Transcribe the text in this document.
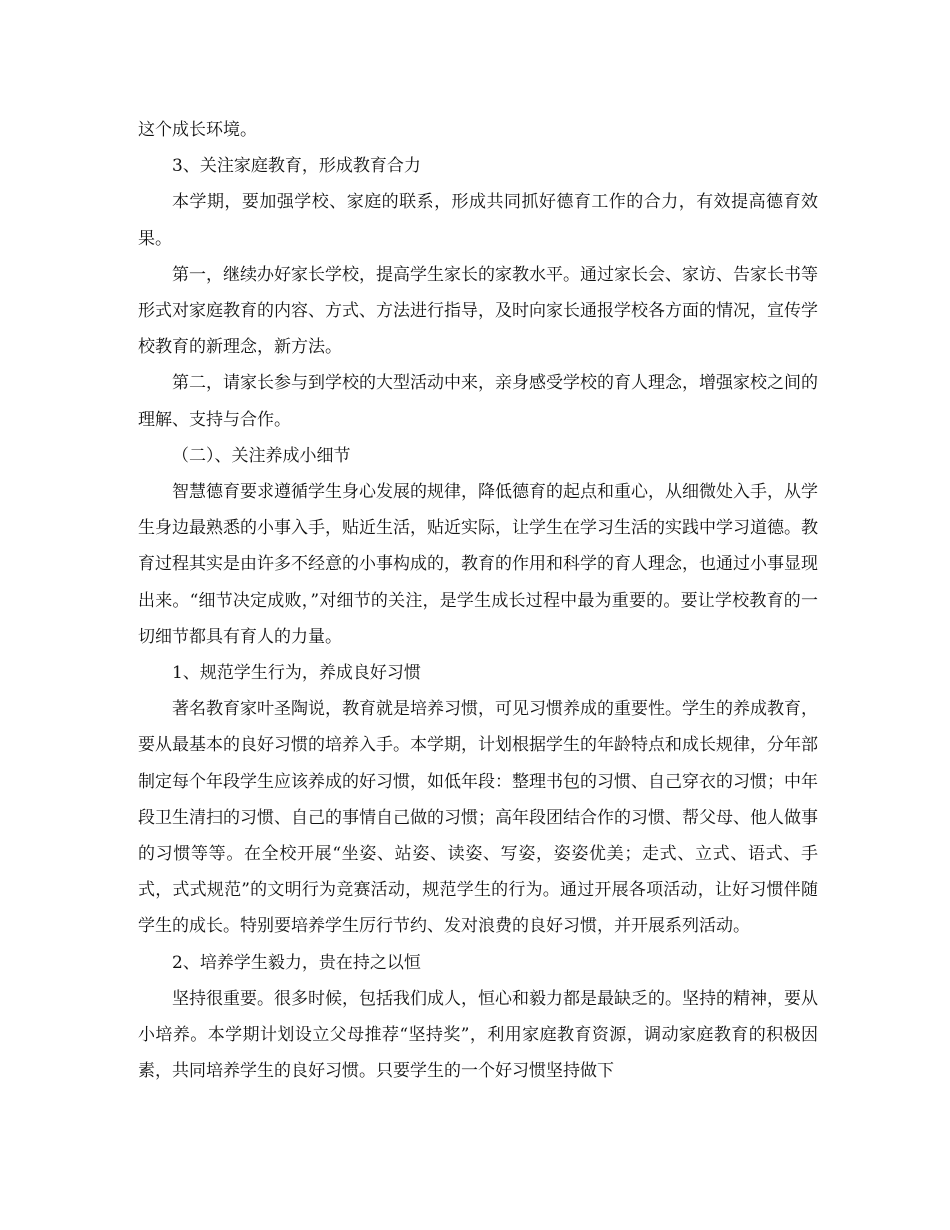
这个成长环境。

3、关注家庭教育，形成教育合力

本学期，要加强学校、家庭的联系，形成共同抓好德育工作的合力，有效提高德育效果。

第一，继续办好家长学校，提高学生家长的家教水平。通过家长会、家访、告家长书等形式对家庭教育的内容、方式、方法进行指导，及时向家长通报学校各方面的情况，宣传学校教育的新理念，新方法。

第二，请家长参与到学校的大型活动中来，亲身感受学校的育人理念，增强家校之间的理解、支持与合作。

（二）、关注养成小细节

智慧德育要求遵循学生身心发展的规律，降低德育的起点和重心，从细微处入手，从学生身边最熟悉的小事入手，贴近生活，贴近实际，让学生在学习生活的实践中学习道德。教育过程其实是由许多不经意的小事构成的，教育的作用和科学的育人理念，也通过小事显现出来。“细节决定成败，”对细节的关注，是学生成长过程中最为重要的。要让学校教育的一切细节都具有育人的力量。

1、规范学生行为，养成良好习惯

著名教育家叶圣陶说，教育就是培养习惯，可见习惯养成的重要性。学生的养成教育，要从最基本的良好习惯的培养入手。本学期，计划根据学生的年龄特点和成长规律，分年部制定每个年段学生应该养成的好习惯，如低年段：整理书包的习惯、自己穿衣的习惯；中年段卫生清扫的习惯、自己的事情自己做的习惯；高年段团结合作的习惯、帮父母、他人做事的习惯等等。在全校开展“坐姿、站姿、读姿、写姿，姿姿优美；走式、立式、语式、手式，式式规范”的文明行为竞赛活动，规范学生的行为。通过开展各项活动，让好习惯伴随学生的成长。特别要培养学生厉行节约、发对浪费的良好习惯，并开展系列活动。

2、培养学生毅力，贵在持之以恒

坚持很重要。很多时候，包括我们成人，恒心和毅力都是最缺乏的。坚持的精神，要从小培养。本学期计划设立父母推荐“坚持奖”，利用家庭教育资源，调动家庭教育的积极因素，共同培养学生的良好习惯。只要学生的一个好习惯坚持做下
